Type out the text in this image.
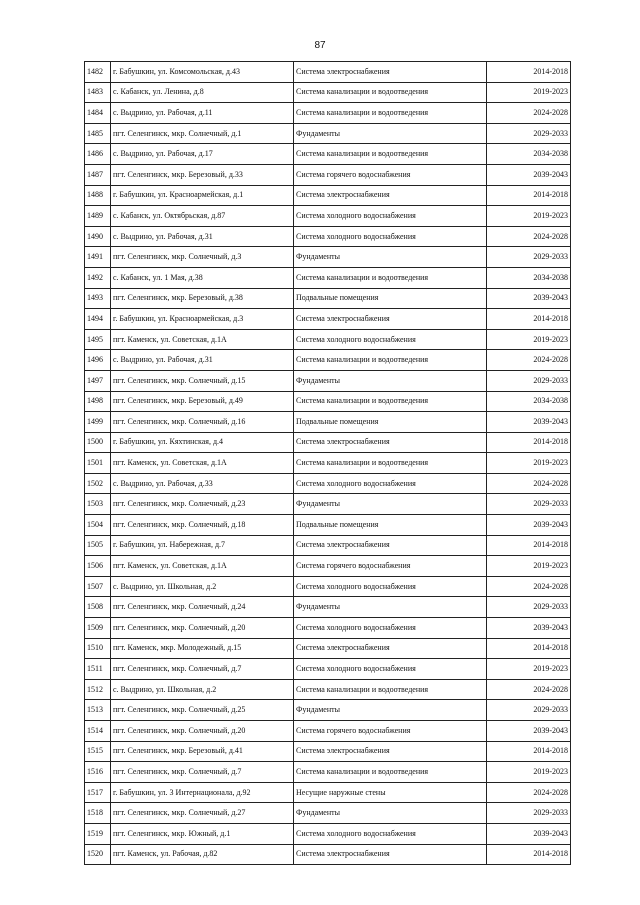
87
1482	г. Бабушкин, ул. Комсомольская, д.43	Система электроснабжения	2014-2018
1483	с. Кабанск, ул. Ленина, д.8	Система канализации и водоотведения	2019-2023
1484	с. Выдрино, ул. Рабочая, д.11	Система канализации и водоотведения	2024-2028
1485	пгт. Селенгинск, мкр. Солнечный, д.1	Фундаменты	2029-2033
1486	с. Выдрино, ул. Рабочая, д.17	Система канализации и водоотведения	2034-2038
1487	пгт. Селенгинск, мкр. Березовый, д.33	Система горячего водоснабжения	2039-2043
1488	г. Бабушкин, ул. Красноармейская, д.1	Система электроснабжения	2014-2018
1489	с. Кабанск, ул. Октябрьская, д.87	Система холодного водоснабжения	2019-2023
1490	с. Выдрино, ул. Рабочая, д.31	Система холодного водоснабжения	2024-2028
1491	пгт. Селенгинск, мкр. Солнечный, д.3	Фундаменты	2029-2033
1492	с. Кабанск, ул. 1 Мая, д.38	Система канализации и водоотведения	2034-2038
1493	пгт. Селенгинск, мкр. Березовый, д.38	Подвальные помещения	2039-2043
1494	г. Бабушкин, ул. Красноармейская, д.3	Система электроснабжения	2014-2018
1495	пгт. Каменск, ул. Советская, д.1А	Система холодного водоснабжения	2019-2023
1496	с. Выдрино, ул. Рабочая, д.31	Система канализации и водоотведения	2024-2028
1497	пгт. Селенгинск, мкр. Солнечный, д.15	Фундаменты	2029-2033
1498	пгт. Селенгинск, мкр. Березовый, д.49	Система канализации и водоотведения	2034-2038
1499	пгт. Селенгинск, мкр. Солнечный, д.16	Подвальные помещения	2039-2043
1500	г. Бабушкин, ул. Кяхтинская, д.4	Система электроснабжения	2014-2018
1501	пгт. Каменск, ул. Советская, д.1А	Система канализации и водоотведения	2019-2023
1502	с. Выдрино, ул. Рабочая, д.33	Система холодного водоснабжения	2024-2028
1503	пгт. Селенгинск, мкр. Солнечный, д.23	Фундаменты	2029-2033
1504	пгт. Селенгинск, мкр. Солнечный, д.18	Подвальные помещения	2039-2043
1505	г. Бабушкин, ул. Набережная, д.7	Система электроснабжения	2014-2018
1506	пгт. Каменск, ул. Советская, д.1А	Система горячего водоснабжения	2019-2023
1507	с. Выдрино, ул. Школьная, д.2	Система холодного водоснабжения	2024-2028
1508	пгт. Селенгинск, мкр. Солнечный, д.24	Фундаменты	2029-2033
1509	пгт. Селенгинск, мкр. Солнечный, д.20	Система холодного водоснабжения	2039-2043
1510	пгт. Каменск, мкр. Молодежный, д.15	Система электроснабжения	2014-2018
1511	пгт. Селенгинск, мкр. Солнечный, д.7	Система холодного водоснабжения	2019-2023
1512	с. Выдрино, ул. Школьная, д.2	Система канализации и водоотведения	2024-2028
1513	пгт. Селенгинск, мкр. Солнечный, д.25	Фундаменты	2029-2033
1514	пгт. Селенгинск, мкр. Солнечный, д.20	Система горячего водоснабжения	2039-2043
1515	пгт. Селенгинск, мкр. Березовый, д.41	Система электроснабжения	2014-2018
1516	пгт. Селенгинск, мкр. Солнечный, д.7	Система канализации и водоотведения	2019-2023
1517	г. Бабушкин, ул. 3 Интернационала, д.92	Несущие наружные стены	2024-2028
1518	пгт. Селенгинск, мкр. Солнечный, д.27	Фундаменты	2029-2033
1519	пгт. Селенгинск, мкр. Южный, д.1	Система холодного водоснабжения	2039-2043
1520	пгт. Каменск, ул. Рабочая, д.82	Система электроснабжения	2014-2018
